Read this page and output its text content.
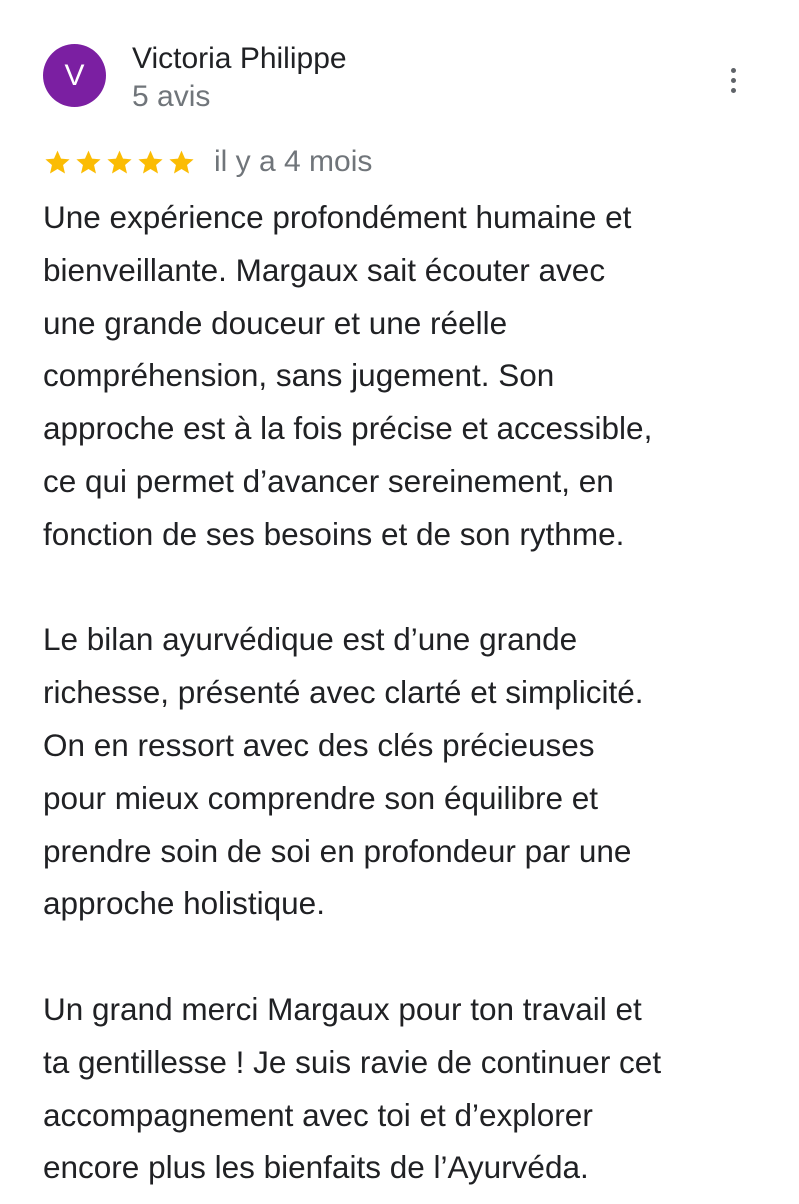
V Victoria Philippe
5 avis
il y a 4 mois

Une expérience profondément humaine et

bienveillante. Margaux sait écouter avec

une grande douceur et une réelle

compréhension, sans jugement. Son

approche est à la fois précise et accessible,

ce qui permet d’avancer sereinement, en

fonction de ses besoins et de son rythme.

Le bilan ayurvédique est d’une grande

richesse, présenté avec clarté et simplicité.

On en ressort avec des clés précieuses

pour mieux comprendre son équilibre et

prendre soin de soi en profondeur par une

approche holistique.

Un grand merci Margaux pour ton travail et

ta gentillesse ! Je suis ravie de continuer cet

accompagnement avec toi et d’explorer

encore plus les bienfaits de l’Ayurvéda.
